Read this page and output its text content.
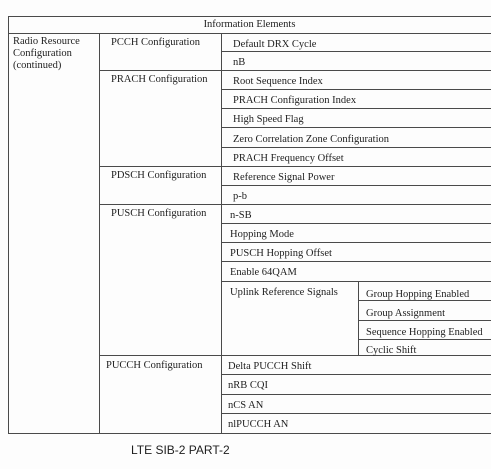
Information Elements
Radio Resource
Configuration
(continued)
PCCH Configuration
PRACH Configuration
PDSCH Configuration
PUSCH Configuration
PUCCH Configuration
Default DRX Cycle
nB
Root Sequence Index
PRACH Configuration Index
High Speed Flag
Zero Correlation Zone Configuration
PRACH Frequency Offset
Reference Signal Power
p-b
n-SB
Hopping Mode
PUSCH Hopping Offset
Enable 64QAM
Uplink Reference Signals	Group Hopping Enabled
Group Assignment
Sequence Hopping Enabled
Cyclic Shift
Delta PUCCH Shift
nRB CQI
nCS AN
nlPUCCH AN
LTE SIB-2 PART-2
